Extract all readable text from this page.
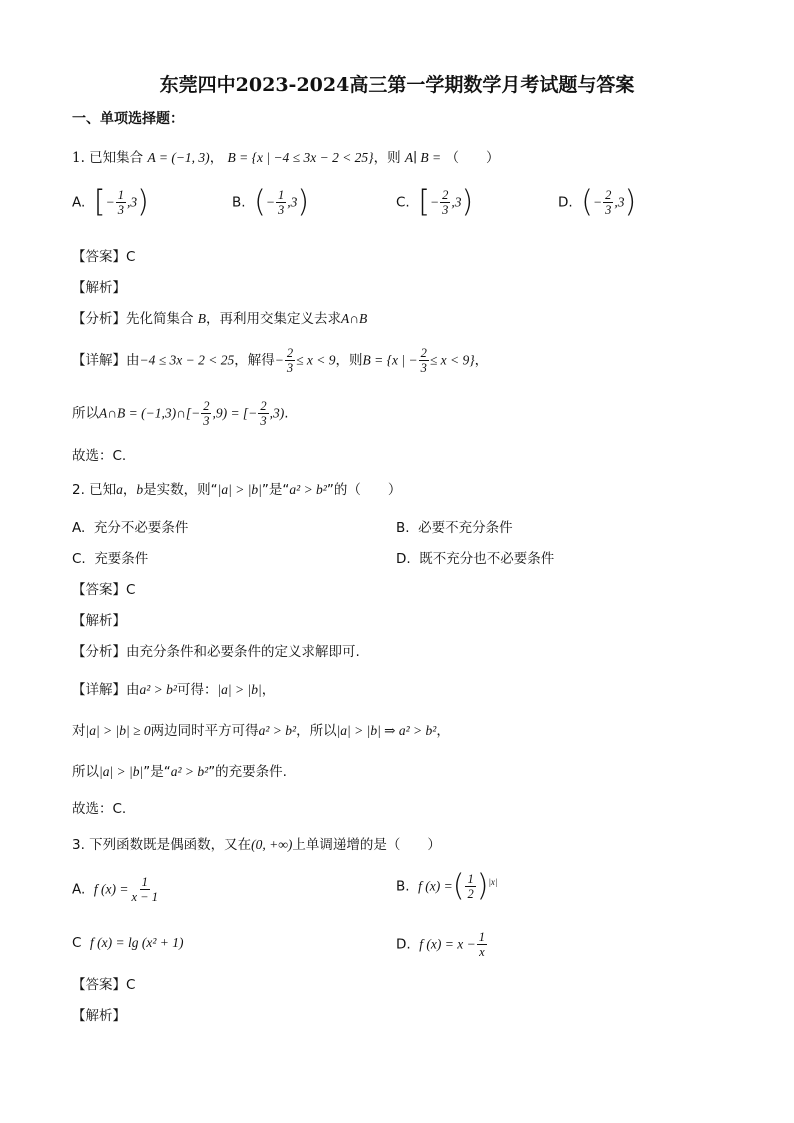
东莞四中2023-2024高三第一学期数学月考试题与答案
一、单项选择题：
1. 已知集合 A = (−1, 3)， B = {x | −4 ≤ 3x − 2 < 25}，则 A∣ B = （　　）
A. [− $\frac{1}{3} ,3$)	B. (− $\frac{1}{3} ,3$)	C. [− $\frac{2}{3} ,3$)	D. (− $\frac{2}{3} ,3$)
【答案】C
【解析】
【分析】先化简集合 B，再利用交集定义去求A∩B
【详解】由−4 ≤ 3x − 2 < 25，解得− $\frac{2}{3} \le x < 9$，则B = {x | − $\frac{2}{3} \le x < 9$}，
所以A∩B = (−1,3)∩[− $\frac{2}{3} ,9$) = [− $\frac{2}{3} ,3$).
故选：C.
2. 已知a，b是实数，则“|a| > |b|”是“a² > b²”的（　　）
A. 充分不必要条件	B. 必要不充分条件
C. 充要条件	D. 既不充分也不必要条件
【答案】C
【解析】
【分析】由充分条件和必要条件的定义求解即可.
【详解】由a² > b²可得：|a| > |b|，
对|a| > |b| ≥ 0两边同时平方可得a² > b²，所以|a| > |b| ⇒ a² > b²，
所以|a| > |b|”是“a² > b²”的充要条件.
故选：C.
3. 下列函数既是偶函数，又在(0, +∞)上单调递增的是（　　）
A. f $(x) = \frac{1}{x - 1}$	B. f (x) =( $\frac{1}{2} )^{|x|}$
C f (x) = lg (x² + 1)	D. f $(x) = x - \frac{1}{x}$
【答案】C
【解析】
